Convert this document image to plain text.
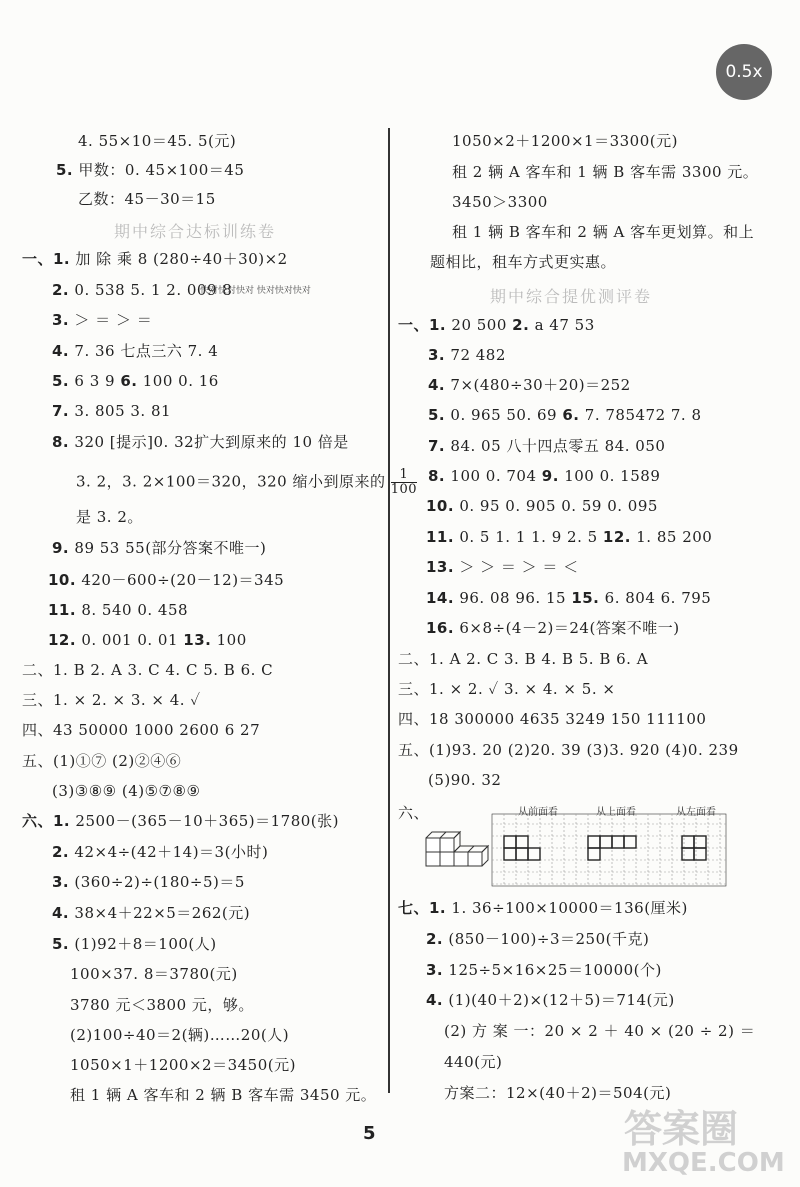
0.5x
4. 55×10＝45. 5(元)
5. 甲数：0. 45×100＝45
乙数：45－30＝15
期中综合达标训练卷
一、1. 加 除 乘 8 (280÷40＋30)×2
2. 0. 538 5. 1 2. 009 8
快对快对快对 快对快对快对
3. ＞ ＝ ＞ ＝
4. 7. 36 七点三六 7. 4
5. 6 3 9 6. 100 0. 16
7. 3. 805 3. 81
8. 320 [提示]0. 32扩大到原来的 10 倍是
3. 2，3. 2×100＝320，320 缩小到原来的 $\frac{1}{100}$
是 3. 2。
9. 89 53 55(部分答案不唯一)
10. 420－600÷(20－12)＝345
11. 8. 540 0. 458
12. 0. 001 0. 01 13. 100
二、1. B 2. A 3. C 4. C 5. B 6. C
三、1. × 2. × 3. × 4. ✓
四、43 50000 1000 2600 6 27
五、(1)①⑦ (2)②④⑥
(3)③⑧⑨ (4)⑤⑦⑧⑨
六、1. 2500－(365－10＋365)＝1780(张)
2. 42×4÷(42＋14)＝3(小时)
3. (360÷2)÷(180÷5)＝5
4. 38×4＋22×5＝262(元)
5. (1)92＋8＝100(人)
100×37. 8＝3780(元)
3780 元＜3800 元，够。
(2)100÷40＝2(辆)……20(人)
1050×1＋1200×2＝3450(元)
租 1 辆 A 客车和 2 辆 B 客车需 3450 元。
1050×2＋1200×1＝3300(元)
租 2 辆 A 客车和 1 辆 B 客车需 3300 元。
3450＞3300
租 1 辆 B 客车和 2 辆 A 客车更划算。和上
题相比，租车方式更实惠。
期中综合提优测评卷
一、1. 20 500 2. a 47 53
3. 72 482
4. 7×(480÷30＋20)＝252
5. 0. 965 50. 69 6. 7. 785472 7. 8
7. 84. 05 八十四点零五 84. 050
8. 100 0. 704 9. 100 0. 1589
10. 0. 95 0. 905 0. 59 0. 095
11. 0. 5 1. 1 1. 9 2. 5 12. 1. 85 200
13. ＞ ＞ ＝ ＞ ＝ ＜
14. 96. 08 96. 15 15. 6. 804 6. 795
16. 6×8÷(4－2)＝24(答案不唯一)
二、1. A 2. C 3. B 4. B 5. B 6. A
三、1. × 2. ✓ 3. × 4. × 5. ×
四、18 300000 4635 3249 150 111100
五、(1)93. 20 (2)20. 39 (3)3. 920 (4)0. 239
(5)90. 32
六、	从前面看	从上面看	从左面看
七、1. 1. 36÷100×10000＝136(厘米)
2. (850－100)÷3＝250(千克)
3. 125÷5×16×25＝10000(个)
4. (1)(40＋2)×(12＋5)＝714(元)
(2) 方 案 一：20 × 2 ＋ 40 × (20 ÷ 2) ＝
440(元)
方案二：12×(40＋2)＝504(元)
5	答案圈
MXQE.COM
